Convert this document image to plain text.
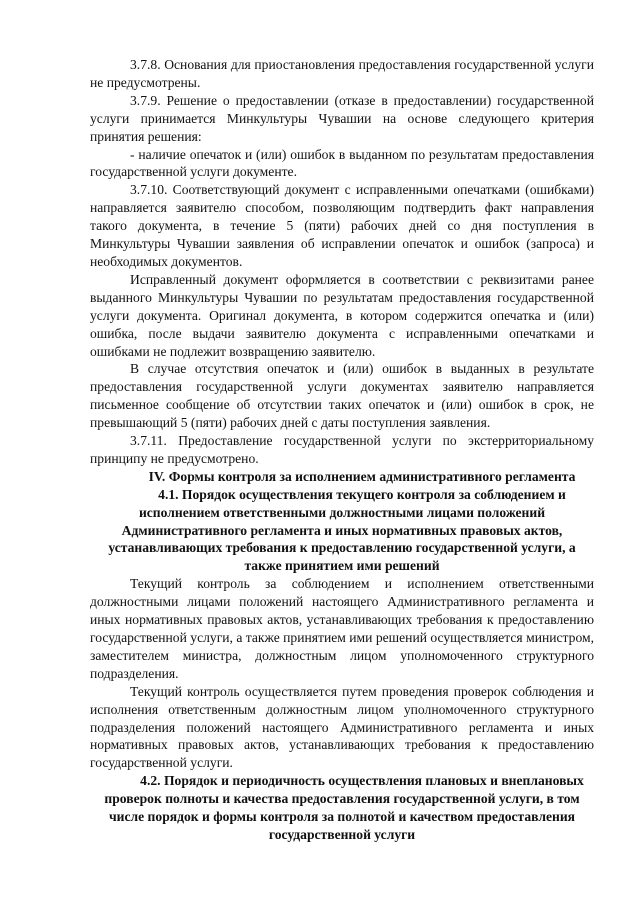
3.7.8. Основания для приостановления предоставления государственной услуги не предусмотрены.

3.7.9. Решение о предоставлении (отказе в предоставлении) государственной услуги принимается Минкультуры Чувашии на основе следующего критерия принятия решения:

- наличие опечаток и (или) ошибок в выданном по результатам предоставления государственной услуги документе.

3.7.10. Соответствующий документ с исправленными опечатками (ошибками) направляется заявителю способом, позволяющим подтвердить факт направления такого документа, в течение 5 (пяти) рабочих дней со дня поступления в Минкультуры Чувашии заявления об исправлении опечаток и ошибок (запроса) и необходимых документов.

Исправленный документ оформляется в соответствии с реквизитами ранее выданного Минкультуры Чувашии по результатам предоставления государственной услуги документа. Оригинал документа, в котором содержится опечатка и (или) ошибка, после выдачи заявителю документа с исправленными опечатками и ошибками не подлежит возвращению заявителю.

В случае отсутствия опечаток и (или) ошибок в выданных в результате предоставления государственной услуги документах заявителю направляется письменное сообщение об отсутствии таких опечаток и (или) ошибок в срок, не превышающий 5 (пяти) рабочих дней с даты поступления заявления.

3.7.11. Предоставление государственной услуги по экстерриториальному принципу не предусмотрено.

IV. Формы контроля за исполнением административного регламента

4.1. Порядок осуществления текущего контроля за соблюдением и исполнением ответственными должностными лицами положений Административного регламента и иных нормативных правовых актов, устанавливающих требования к предоставлению государственной услуги, а также принятием ими решений

Текущий контроль за соблюдением и исполнением ответственными должностными лицами положений настоящего Административного регламента и иных нормативных правовых актов, устанавливающих требования к предоставлению государственной услуги, а также принятием ими решений осуществляется министром, заместителем министра, должностным лицом уполномоченного структурного подразделения.

Текущий контроль осуществляется путем проведения проверок соблюдения и исполнения ответственным должностным лицом уполномоченного структурного подразделения положений настоящего Административного регламента и иных нормативных правовых актов, устанавливающих требования к предоставлению государственной услуги.

4.2. Порядок и периодичность осуществления плановых и внеплановых проверок полноты и качества предоставления государственной услуги, в том числе порядок и формы контроля за полнотой и качеством предоставления государственной услуги
